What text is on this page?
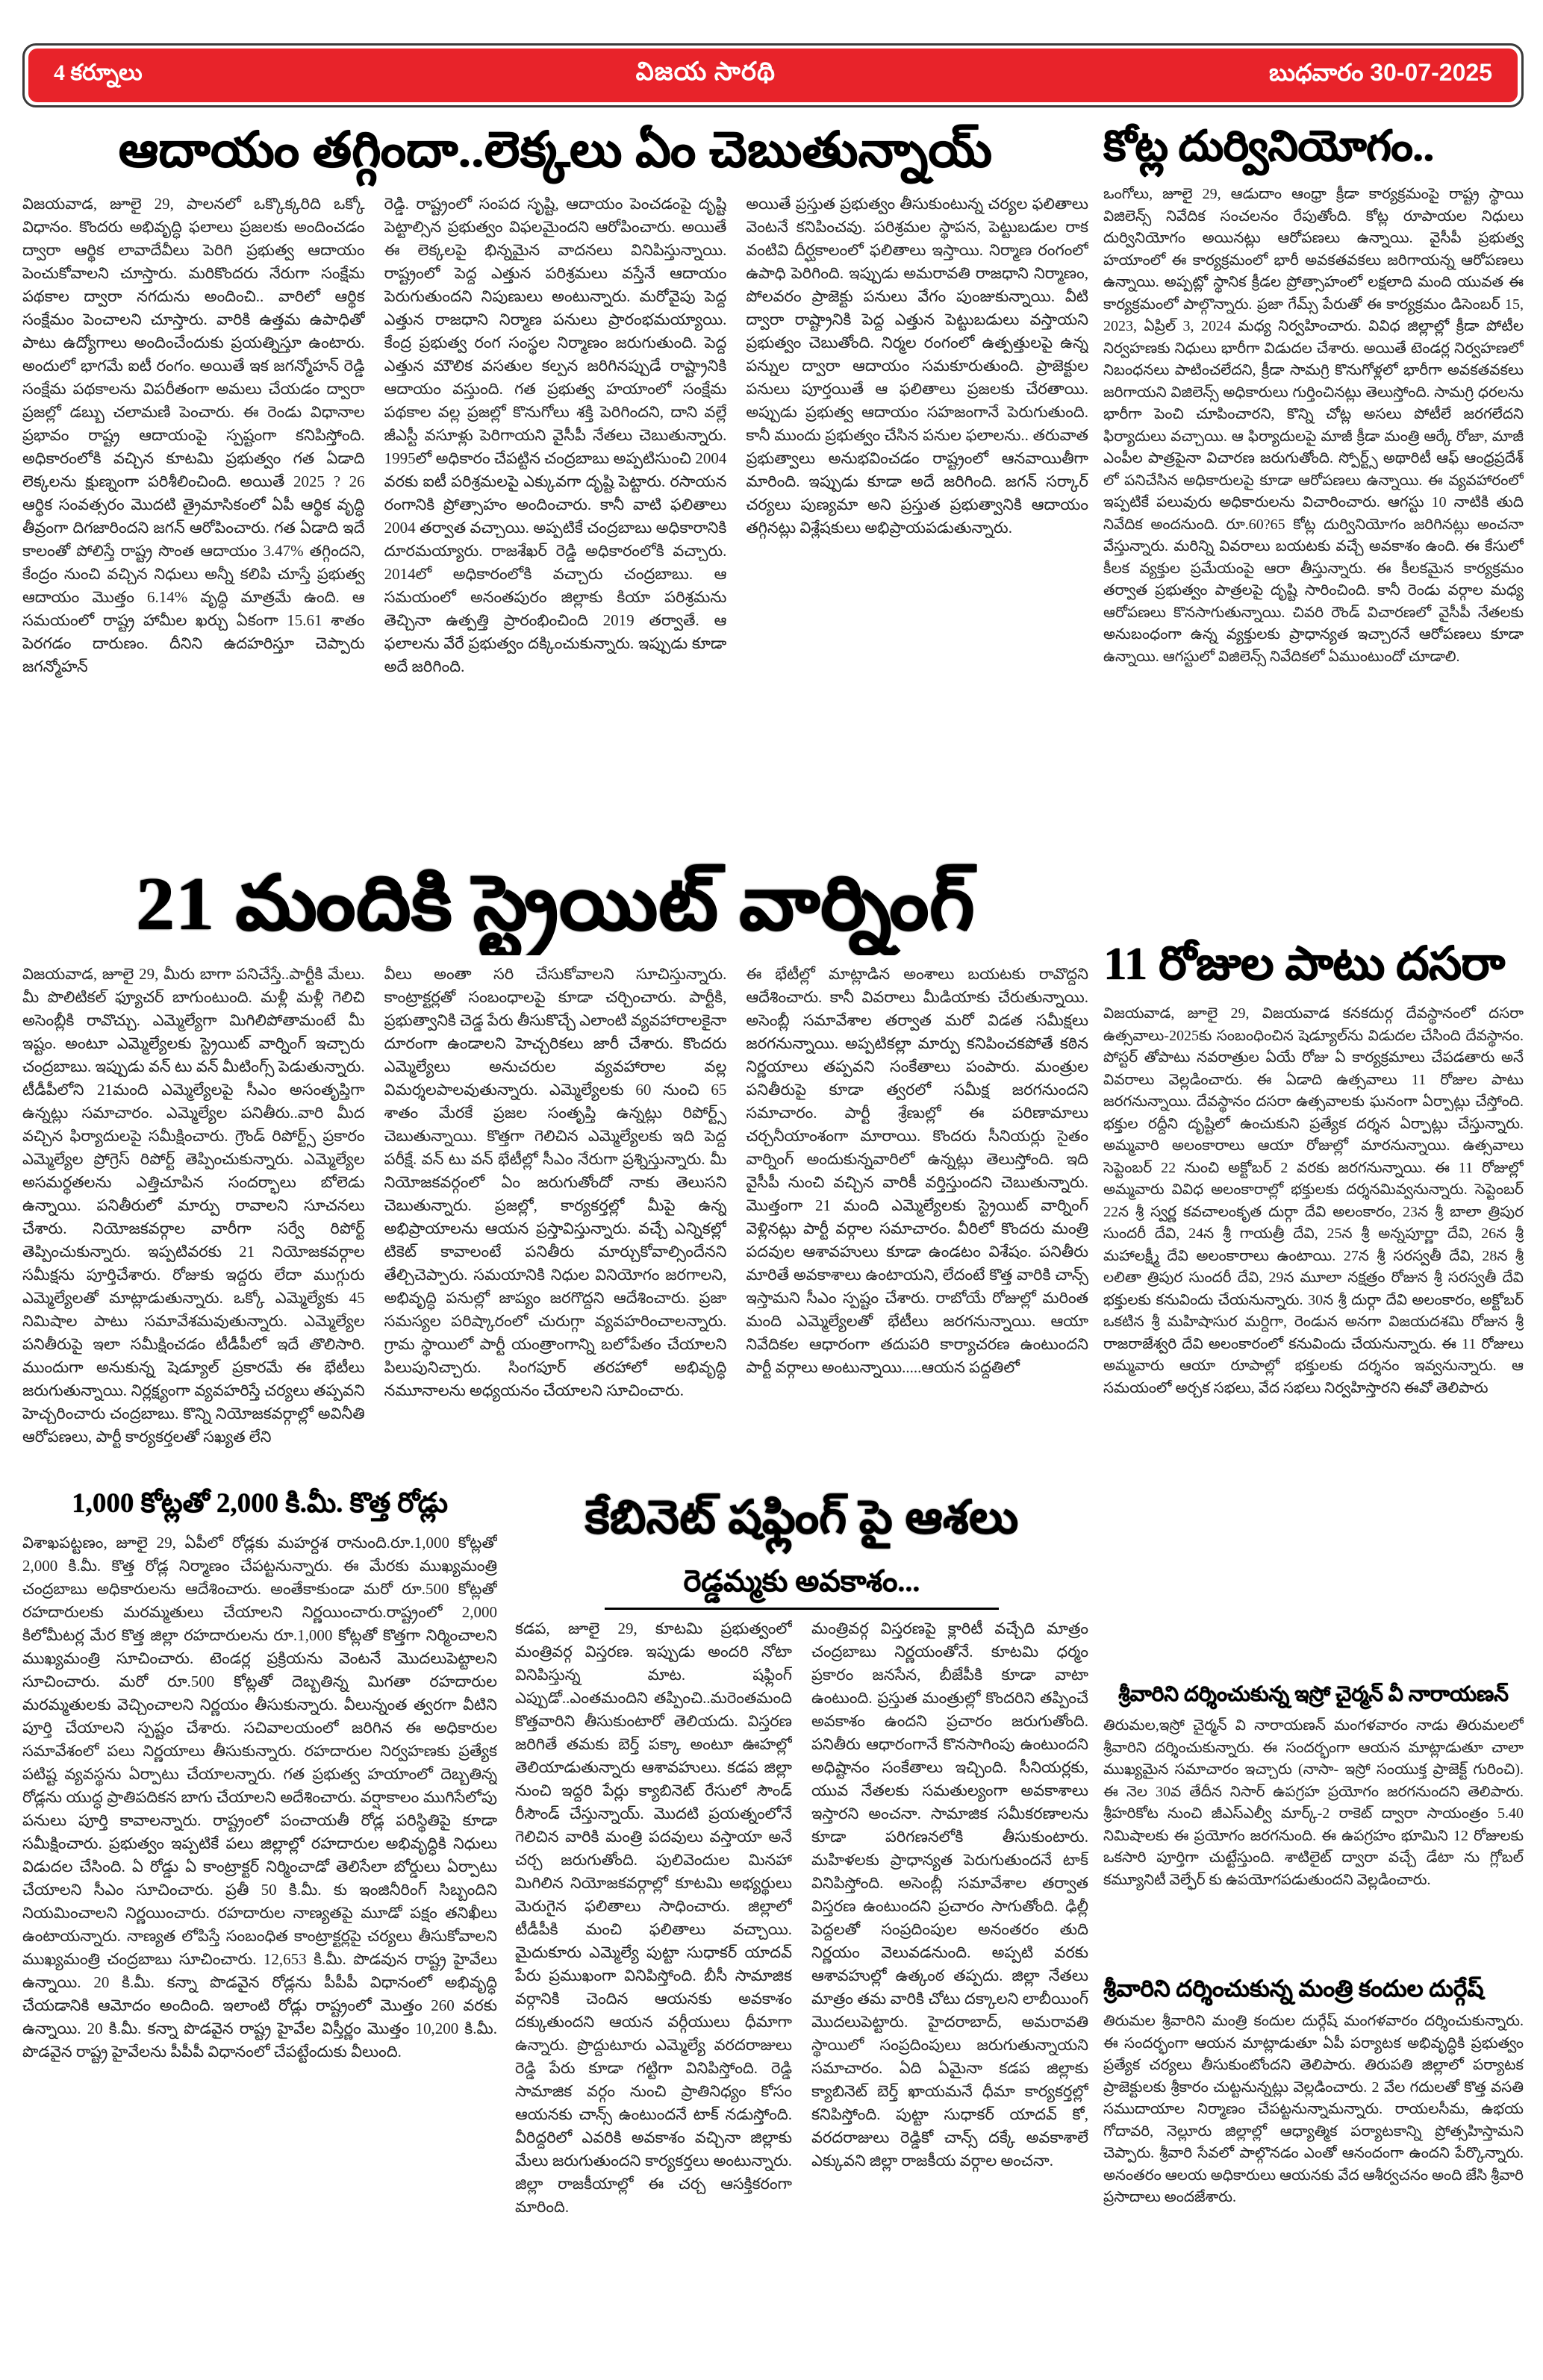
4 కర్నూలు	విజయ సారథి	బుధవారం 30-07-2025
ఆదాయం తగ్గిందా..లెక్కలు ఏం చెబుతున్నాయ్
విజయవాడ, జూలై 29, పాలనలో ఒక్కొక్కరిది ఒక్కో విధానం. కొందరు అభివృద్ధి ఫలాలు ప్రజలకు అందించడం ద్వారా ఆర్థిక లావాదేవీలు పెరిగి ప్రభుత్వ ఆదాయం పెంచుకోవాలని చూస్తారు. మరికొందరు నేరుగా సంక్షేమ పథకాల ద్వారా నగదును అందించి.. వారిలో ఆర్థిక సంక్షేమం పెంచాలని చూస్తారు. వారికి ఉత్తమ ఉపాధితో పాటు ఉద్యోగాలు అందించేందుకు ప్రయత్నిస్తూ ఉంటారు. అందులో భాగమే ఐటీ రంగం. అయితే ఇక జగన్మోహన్ రెడ్డి సంక్షేమ పథకాలను విపరీతంగా అమలు చేయడం ద్వారా ప్రజల్లో డబ్బు చలామణి పెంచారు. ఈ రెండు విధానాల ప్రభావం రాష్ట్ర ఆదాయంపై స్పష్టంగా కనిపిస్తోంది. అధికారంలోకి వచ్చిన కూటమి ప్రభుత్వం గత ఏడాది లెక్కలను క్షుణ్నంగా పరిశీలించింది. అయితే 2025 ? 26 ఆర్థిక సంవత్సరం మొదటి త్రైమాసికంలో ఏపీ ఆర్థిక వృద్ధి తీవ్రంగా దిగజారిందని జగన్ ఆరోపించారు. గత ఏడాది ఇదే కాలంతో పోలిస్తే రాష్ట్ర సొంత ఆదాయం 3.47% తగ్గిందని, కేంద్రం నుంచి వచ్చిన నిధులు అన్నీ కలిపి చూస్తే ప్రభుత్వ ఆదాయం మొత్తం 6.14% వృద్ధి మాత్రమే ఉంది. ఆ సమయంలో రాష్ట్ర హామీల ఖర్చు ఏకంగా 15.61 శాతం పెరగడం దారుణం. దీనిని ఉదహరిస్తూ చెప్పారు జగన్మోహన్
రెడ్డి. రాష్ట్రంలో సంపద సృష్టి, ఆదాయం పెంచడంపై దృష్టి పెట్టాల్సిన ప్రభుత్వం విఫలమైందని ఆరోపించారు. అయితే ఈ లెక్కలపై భిన్నమైన వాదనలు వినిపిస్తున్నాయి. రాష్ట్రంలో పెద్ద ఎత్తున పరిశ్రమలు వస్తేనే ఆదాయం పెరుగుతుందని నిపుణులు అంటున్నారు. మరోవైపు పెద్ద ఎత్తున రాజధాని నిర్మాణ పనులు ప్రారంభమయ్యాయి. కేంద్ర ప్రభుత్వ రంగ సంస్థల నిర్మాణం జరుగుతుంది. పెద్ద ఎత్తున మౌలిక వసతుల కల్పన జరిగినప్పుడే రాష్ట్రానికి ఆదాయం వస్తుంది. గత ప్రభుత్వ హయాంలో సంక్షేమ పథకాల వల్ల ప్రజల్లో కొనుగోలు శక్తి పెరిగిందని, దాని వల్లే జీఎస్టీ వసూళ్లు పెరిగాయని వైసీపీ నేతలు చెబుతున్నారు. 1995లో అధికారం చేపట్టిన చంద్రబాబు అప్పటిసుంచి 2004 వరకు ఐటీ పరిశ్రమలపై ఎక్కువగా దృష్టి పెట్టారు. రసాయన రంగానికి ప్రోత్సాహం అందించారు. కానీ వాటి ఫలితాలు 2004 తర్వాత వచ్చాయి. అప్పటికే చంద్రబాబు అధికారానికి దూరమయ్యారు. రాజశేఖర్ రెడ్డి అధికారంలోకి వచ్చారు. 2014లో అధికారంలోకి వచ్చారు చంద్రబాబు. ఆ సమయంలో అనంతపురం జిల్లాకు కియా పరిశ్రమను తెచ్చినా ఉత్పత్తి ప్రారంభించింది 2019 తర్వాతే. ఆ ఫలాలను వేరే ప్రభుత్వం దక్కించుకున్నారు. ఇప్పుడు కూడా అదే జరిగింది.
అయితే ప్రస్తుత ప్రభుత్వం తీసుకుంటున్న చర్యల ఫలితాలు వెంటనే కనిపించవు. పరిశ్రమల స్థాపన, పెట్టుబడుల రాక వంటివి దీర్ఘకాలంలో ఫలితాలు ఇస్తాయి. నిర్మాణ రంగంలో ఉపాధి పెరిగింది. ఇప్పుడు అమరావతి రాజధాని నిర్మాణం, పోలవరం ప్రాజెక్టు పనులు వేగం పుంజుకున్నాయి. వీటి ద్వారా రాష్ట్రానికి పెద్ద ఎత్తున పెట్టుబడులు వస్తాయని ప్రభుత్వం చెబుతోంది. నిర్మల రంగంలో ఉత్పత్తులపై ఉన్న పన్నుల ద్వారా ఆదాయం సమకూరుతుంది. ప్రాజెక్టుల పనులు పూర్తయితే ఆ ఫలితాలు ప్రజలకు చేరతాయి. అప్పుడు ప్రభుత్వ ఆదాయం సహజంగానే పెరుగుతుంది. కానీ ముందు ప్రభుత్వం చేసిన పనుల ఫలాలను.. తరువాత ప్రభుత్వాలు అనుభవించడం రాష్ట్రంలో ఆనవాయితీగా మారింది. ఇప్పుడు కూడా అదే జరిగింది. జగన్ సర్కార్ చర్యలు పుణ్యమా అని ప్రస్తుత ప్రభుత్వానికి ఆదాయం తగ్గినట్లు విశ్లేషకులు అభిప్రాయపడుతున్నారు.
21 మందికి స్ట్రెయిట్ వార్నింగ్
విజయవాడ, జూలై 29, మీరు బాగా పనిచేస్తే..పార్టీకి మేలు. మీ పొలిటికల్ ఫ్యూచర్ బాగుంటుంది. మళ్లీ మళ్లీ గెలిచి అసెంబ్లీకి రావొచ్చు. ఎమ్మెల్యేగా మిగిలిపోతామంటే మీ ఇష్టం. అంటూ ఎమ్మెల్యేలకు స్ట్రెయిట్ వార్నింగ్ ఇచ్చారు చంద్రబాబు. ఇప్పుడు వన్ టు వన్ మీటింగ్స్ పెడుతున్నారు. టీడీపీలోని 21మంది ఎమ్మెల్యేలపై సీఎం అసంతృప్తిగా ఉన్నట్లు సమాచారం. ఎమ్మెల్యేల పనితీరు..వారి మీద వచ్చిన ఫిర్యాదులపై సమీక్షించారు. గ్రౌండ్ రిపోర్ట్స్ ప్రకారం ఎమ్మెల్యేల ప్రోగ్రెస్ రిపోర్ట్ తెప్పించుకున్నారు. ఎమ్మెల్యేల అసమర్థతలను ఎత్తిచూపిన సందర్భాలు బోలెడు ఉన్నాయి. పనితీరులో మార్పు రావాలని సూచనలు చేశారు. నియోజకవర్గాల వారీగా సర్వే రిపోర్ట్ తెప్పించుకున్నారు. ఇప్పటివరకు 21 నియోజకవర్గాల సమీక్షను పూర్తిచేశారు. రోజుకు ఇద్దరు లేదా ముగ్గురు ఎమ్మెల్యేలతో మాట్లాడుతున్నారు. ఒక్కో ఎమ్మెల్యేకు 45 నిమిషాల పాటు సమావేశమవుతున్నారు. ఎమ్మెల్యేల పనితీరుపై ఇలా సమీక్షించడం టీడీపీలో ఇదే తొలిసారి. ముందుగా అనుకున్న షెడ్యూల్ ప్రకారమే ఈ భేటీలు జరుగుతున్నాయి. నిర్లక్ష్యంగా వ్యవహరిస్తే చర్యలు తప్పవని హెచ్చరించారు చంద్రబాబు. కొన్ని నియోజకవర్గాల్లో అవినీతి ఆరోపణలు, పార్టీ కార్యకర్తలతో సఖ్యత లేని
వీలు అంతా సరి చేసుకోవాలని సూచిస్తున్నారు. కాంట్రాక్టర్లతో సంబంధాలపై కూడా చర్చించారు. పార్టీకి, ప్రభుత్వానికి చెడ్డ పేరు తీసుకొచ్చే ఎలాంటి వ్యవహారాలకైనా దూరంగా ఉండాలని హెచ్చరికలు జారీ చేశారు. కొందరు ఎమ్మెల్యేలు అనుచరుల వ్యవహారాల వల్ల విమర్శలపాలవుతున్నారు. ఎమ్మెల్యేలకు 60 నుంచి 65 శాతం మేరకే ప్రజల సంతృప్తి ఉన్నట్లు రిపోర్ట్స్ చెబుతున్నాయి. కొత్తగా గెలిచిన ఎమ్మెల్యేలకు ఇది పెద్ద పరీక్షే. వన్ టు వన్ భేటీల్లో సీఎం నేరుగా ప్రశ్నిస్తున్నారు. మీ నియోజకవర్గంలో ఏం జరుగుతోందో నాకు తెలుసని చెబుతున్నారు. ప్రజల్లో, కార్యకర్తల్లో మీపై ఉన్న అభిప్రాయాలను ఆయన ప్రస్తావిస్తున్నారు. వచ్చే ఎన్నికల్లో టికెట్ కావాలంటే పనితీరు మార్చుకోవాల్సిందేనని తేల్చిచెప్పారు. సమయానికి నిధుల వినియోగం జరగాలని, అభివృద్ధి పనుల్లో జాప్యం జరగొద్దని ఆదేశించారు. ప్రజా సమస్యల పరిష్కారంలో చురుగ్గా వ్యవహరించాలన్నారు. గ్రామ స్థాయిలో పార్టీ యంత్రాంగాన్ని బలోపేతం చేయాలని పిలుపునిచ్చారు. సింగపూర్ తరహాలో అభివృద్ధి నమూనాలను అధ్యయనం చేయాలని సూచించారు.
ఈ భేటీల్లో మాట్లాడిన అంశాలు బయటకు రావొద్దని ఆదేశించారు. కానీ వివరాలు మీడియాకు చేరుతున్నాయి. అసెంబ్లీ సమావేశాల తర్వాత మరో విడత సమీక్షలు జరగనున్నాయి. అప్పటికల్లా మార్పు కనిపించకపోతే కఠిన నిర్ణయాలు తప్పవని సంకేతాలు పంపారు. మంత్రుల పనితీరుపై కూడా త్వరలో సమీక్ష జరగనుందని సమాచారం. పార్టీ శ్రేణుల్లో ఈ పరిణామాలు చర్చనీయాంశంగా మారాయి. కొందరు సీనియర్లు సైతం వార్నింగ్ అందుకున్నవారిలో ఉన్నట్లు తెలుస్తోంది. ఇది వైసీపీ నుంచి వచ్చిన వారికీ వర్తిస్తుందని చెబుతున్నారు. మొత్తంగా 21 మంది ఎమ్మెల్యేలకు స్ట్రెయిట్ వార్నింగ్ వెళ్లినట్లు పార్టీ వర్గాల సమాచారం. వీరిలో కొందరు మంత్రి పదవుల ఆశావహులు కూడా ఉండటం విశేషం. పనితీరు మారితే అవకాశాలు ఉంటాయని, లేదంటే కొత్త వారికి చాన్స్ ఇస్తామని సీఎం స్పష్టం చేశారు. రాబోయే రోజుల్లో మరింత మంది ఎమ్మెల్యేలతో భేటీలు జరగనున్నాయి. ఆయా నివేదికల ఆధారంగా తదుపరి కార్యాచరణ ఉంటుందని పార్టీ వర్గాలు అంటున్నాయి.....ఆయన పద్దతిలో
1,000 కోట్లతో 2,000 కి.మీ. కొత్త రోడ్లు
విశాఖపట్టణం, జూలై 29, ఏపీలో రోడ్లకు మహర్దశ రానుంది.రూ.1,000 కోట్లతో 2,000 కి.మీ. కొత్త రోడ్ల నిర్మాణం చేపట్టనున్నారు. ఈ మేరకు ముఖ్యమంత్రి చంద్రబాబు అధికారులను ఆదేశించారు. అంతేకాకుండా మరో రూ.500 కోట్లతో రహదారులకు మరమ్మతులు చేయాలని నిర్ణయించారు.రాష్ట్రంలో 2,000 కిలోమీటర్ల మేర కొత్త జిల్లా రహదారులను రూ.1,000 కోట్లతో కొత్తగా నిర్మించాలని ముఖ్యమంత్రి సూచించారు. టెండర్ల ప్రక్రియను వెంటనే మొదలుపెట్టాలని సూచించారు. మరో రూ.500 కోట్లతో దెబ్బతిన్న మిగతా రహదారుల మరమ్మతులకు వెచ్చించాలని నిర్ణయం తీసుకున్నారు. వీలున్నంత త్వరగా వీటిని పూర్తి చేయాలని స్పష్టం చేశారు. సచివాలయంలో జరిగిన ఈ అధికారుల సమావేశంలో పలు నిర్ణయాలు తీసుకున్నారు. రహదారుల నిర్వహణకు ప్రత్యేక పటిష్ట వ్యవస్థను ఏర్పాటు చేయాలన్నారు. గత ప్రభుత్వ హయాంలో దెబ్బతిన్న రోడ్లను యుద్ధ ప్రాతిపదికన బాగు చేయాలని అదేశించారు. వర్షాకాలం ముగిసేలోపు పనులు పూర్తి కావాలన్నారు. రాష్ట్రంలో పంచాయతీ రోడ్ల పరిస్థితిపై కూడా సమీక్షించారు. ప్రభుత్వం ఇప్పటికే పలు జిల్లాల్లో రహదారుల అభివృద్ధికి నిధులు విడుదల చేసింది. ఏ రోడ్డు ఏ కాంట్రాక్టర్ నిర్మించాడో తెలిసేలా బోర్డులు ఏర్పాటు చేయాలని సీఎం సూచించారు. ప్రతీ 50 కి.మీ. కు ఇంజినీరింగ్ సిబ్బందిని నియమించాలని నిర్ణయించారు. రహదారుల నాణ్యతపై మూడో పక్షం తనిఖీలు ఉంటాయన్నారు. నాణ్యత లోపిస్తే సంబంధిత కాంట్రాక్టర్లపై చర్యలు తీసుకోవాలని ముఖ్యమంత్రి చంద్రబాబు సూచించారు. 12,653 కి.మీ. పొడవున రాష్ట్ర హైవేలు ఉన్నాయి. 20 కి.మీ. కన్నా పొడవైన రోడ్లను పీపీపీ విధానంలో అభివృద్ధి చేయడానికి ఆమోదం అందింది. ఇలాంటి రోడ్లు రాష్ట్రంలో మొత్తం 260 వరకు ఉన్నాయి. 20 కి.మీ. కన్నా పొడవైన రాష్ట్ర హైవేల విస్తీర్ణం మొత్తం 10,200 కి.మీ. పొడవైన రాష్ట్ర హైవేలను పీపీపీ విధానంలో చేపట్టేందుకు వీలుంది.
కేబినెట్ షఫ్లింగ్ పై ఆశలు
రెడ్డమ్మకు అవకాశం...
కడప, జూలై 29, కూటమి ప్రభుత్వంలో మంత్రివర్గ విస్తరణ. ఇప్పుడు అందరి నోటా వినిపిస్తున్న మాట. షఫ్లింగ్ ఎప్పుడో..ఎంతమందిని తప్పించి..మరెంతమంది కొత్తవారిని తీసుకుంటారో తెలియదు. విస్తరణ జరిగితే తమకు బెర్త్ పక్కా అంటూ ఊహల్లో తెలియాడుతున్నారు ఆశావహులు. కడప జిల్లా నుంచి ఇద్దరి పేర్లు క్యాబినెట్ రేసులో సౌండ్ రీసౌండ్ చేస్తున్నాయ్. మొదటి ప్రయత్నంలోనే గెలిచిన వారికి మంత్రి పదవులు వస్తాయా అనే చర్చ జరుగుతోంది. పులివెందుల మినహా మిగిలిన నియోజకవర్గాల్లో కూటమి అభ్యర్థులు మెరుగైన ఫలితాలు సాధించారు. జిల్లాలో టీడీపీకి మంచి ఫలితాలు వచ్చాయి. మైదుకూరు ఎమ్మెల్యే పుట్టా సుధాకర్ యాదవ్ పేరు ప్రముఖంగా వినిపిస్తోంది. బీసీ సామాజిక వర్గానికి చెందిన ఆయనకు అవకాశం దక్కుతుందని ఆయన వర్గీయులు ధీమాగా ఉన్నారు. ప్రొద్దుటూరు ఎమ్మెల్యే వరదరాజులు రెడ్డి పేరు కూడా గట్టిగా వినిపిస్తోంది. రెడ్డి సామాజిక వర్గం నుంచి ప్రాతినిధ్యం కోసం ఆయనకు చాన్స్ ఉంటుందనే టాక్ నడుస్తోంది. వీరిద్దరిలో ఎవరికి అవకాశం వచ్చినా జిల్లాకు మేలు జరుగుతుందని కార్యకర్తలు అంటున్నారు. జిల్లా రాజకీయాల్లో ఈ చర్చ ఆసక్తికరంగా మారింది.
మంత్రివర్గ విస్తరణపై క్లారిటీ వచ్చేది మాత్రం చంద్రబాబు నిర్ణయంతోనే. కూటమి ధర్మం ప్రకారం జనసేన, బీజేపీకి కూడా వాటా ఉంటుంది. ప్రస్తుత మంత్రుల్లో కొందరిని తప్పించే అవకాశం ఉందని ప్రచారం జరుగుతోంది. పనితీరు ఆధారంగానే కొనసాగింపు ఉంటుందని అధిష్టానం సంకేతాలు ఇచ్చింది. సీనియర్లకు, యువ నేతలకు సమతుల్యంగా అవకాశాలు ఇస్తారని అంచనా. సామాజిక సమీకరణాలను కూడా పరిగణనలోకి తీసుకుంటారు. మహిళలకు ప్రాధాన్యత పెరుగుతుందనే టాక్ వినిపిస్తోంది. అసెంబ్లీ సమావేశాల తర్వాత విస్తరణ ఉంటుందని ప్రచారం సాగుతోంది. ఢిల్లీ పెద్దలతో సంప్రదింపుల అనంతరం తుది నిర్ణయం వెలువడనుంది. అప్పటి వరకు ఆశావహుల్లో ఉత్కంఠ తప్పదు. జిల్లా నేతలు మాత్రం తమ వారికి చోటు దక్కాలని లాబీయింగ్ మొదలుపెట్టారు. హైదరాబాద్, అమరావతి స్థాయిలో సంప్రదింపులు జరుగుతున్నాయని సమాచారం. ఏది ఏమైనా కడప జిల్లాకు క్యాబినెట్ బెర్త్ ఖాయమనే ధీమా కార్యకర్తల్లో కనిపిస్తోంది. పుట్టా సుధాకర్ యాదవ్ కో, వరదరాజులు రెడ్డికో చాన్స్ దక్కే అవకాశాలే ఎక్కువని జిల్లా రాజకీయ వర్గాల అంచనా.
కోట్ల దుర్వినియోగం..
ఒంగోలు, జూలై 29, ఆడుదాం ఆంధ్రా క్రీడా కార్యక్రమంపై రాష్ట్ర స్థాయి విజిలెన్స్ నివేదిక సంచలనం రేపుతోంది. కోట్ల రూపాయల నిధులు దుర్వినియోగం అయినట్లు ఆరోపణలు ఉన్నాయి. వైసీపీ ప్రభుత్వ హయాంలో ఈ కార్యక్రమంలో భారీ అవకతవకలు జరిగాయన్న ఆరోపణలు ఉన్నాయి. అప్పట్లో స్థానిక క్రీడల ప్రోత్సాహంలో లక్షలాది మంది యువత ఈ కార్యక్రమంలో పాల్గొన్నారు. ప్రజా గేమ్స్ పేరుతో ఈ కార్యక్రమం డిసెంబర్ 15, 2023, ఏప్రిల్ 3, 2024 మధ్య నిర్వహించారు. వివిధ జిల్లాల్లో క్రీడా పోటీల నిర్వహణకు నిధులు భారీగా విడుదల చేశారు. అయితే టెండర్ల నిర్వహణలో నిబంధనలు పాటించలేదని, క్రీడా సామగ్రి కొనుగోళ్లలో భారీగా అవకతవకలు జరిగాయని విజిలెన్స్ అధికారులు గుర్తించినట్లు తెలుస్తోంది. సామగ్రి ధరలను భారీగా పెంచి చూపించారని, కొన్ని చోట్ల అసలు పోటీలే జరగలేదని ఫిర్యాదులు వచ్చాయి. ఆ ఫిర్యాదులపై మాజీ క్రీడా మంత్రి ఆర్కే రోజా, మాజీ ఎంపీల పాత్రపైనా విచారణ జరుగుతోంది. స్పోర్ట్స్ అథారిటీ ఆఫ్ ఆంధ్రప్రదేశ్ లో పనిచేసిన అధికారులపై కూడా ఆరోపణలు ఉన్నాయి. ఈ వ్యవహారంలో ఇప్పటికే పలువురు అధికారులను విచారించారు. ఆగస్టు 10 నాటికి తుది నివేదిక అందనుంది. రూ.60?65 కోట్ల దుర్వినియోగం జరిగినట్లు అంచనా వేస్తున్నారు. మరిన్ని వివరాలు బయటకు వచ్చే అవకాశం ఉంది. ఈ కేసులో కీలక వ్యక్తుల ప్రమేయంపై ఆరా తీస్తున్నారు. ఈ కీలకమైన కార్యక్రమం తర్వాత ప్రభుత్వం పాత్రలపై దృష్టి సారించింది. కానీ రెండు వర్గాల మధ్య ఆరోపణలు కొనసాగుతున్నాయి. చివరి రౌండ్ విచారణలో వైసీపీ నేతలకు అనుబంధంగా ఉన్న వ్యక్తులకు ప్రాధాన్యత ఇచ్చారనే ఆరోపణలు కూడా ఉన్నాయి. ఆగస్టులో విజిలెన్స్ నివేదికలో ఏముంటుందో చూడాలి.
11 రోజుల పాటు దసరా
విజయవాడ, జూలై 29, విజయవాడ కనకదుర్గ దేవస్థానంలో దసరా ఉత్సవాలు-2025కు సంబంధించిన షెడ్యూల్‌ను విడుదల చేసింది దేవస్థానం. పోస్టర్ తోపాటు నవరాత్రుల ఏయే రోజు ఏ కార్యక్రమాలు చేపడతారు అనే వివరాలు వెల్లడించారు. ఈ ఏడాది ఉత్సవాలు 11 రోజుల పాటు జరగనున్నాయి. దేవస్థానం దసరా ఉత్సవాలకు ఘనంగా ఏర్పాట్లు చేస్తోంది. భక్తుల రద్దీని దృష్టిలో ఉంచుకుని ప్రత్యేక దర్శన ఏర్పాట్లు చేస్తున్నారు. అమ్మవారి అలంకారాలు ఆయా రోజుల్లో మారనున్నాయి. ఉత్సవాలు సెప్టెంబర్ 22 నుంచి అక్టోబర్ 2 వరకు జరగనున్నాయి. ఈ 11 రోజుల్లో అమ్మవారు వివిధ అలంకారాల్లో భక్తులకు దర్శనమివ్వనున్నారు. సెప్టెంబర్ 22న శ్రీ స్వర్ణ కవచాలంకృత దుర్గా దేవి అలంకారం, 23న శ్రీ బాలా త్రిపుర సుందరీ దేవి, 24న శ్రీ గాయత్రీ దేవి, 25న శ్రీ అన్నపూర్ణా దేవి, 26న శ్రీ మహాలక్ష్మీ దేవి అలంకారాలు ఉంటాయి. 27న శ్రీ సరస్వతీ దేవి, 28న శ్రీ లలితా త్రిపుర సుందరీ దేవి, 29న మూలా నక్షత్రం రోజున శ్రీ సరస్వతీ దేవి భక్తులకు కనువిందు చేయనున్నారు. 30న శ్రీ దుర్గా దేవి అలంకారం, అక్టోబర్ ఒకటిన శ్రీ మహిషాసుర మర్దిగా, రెండున అనగా విజయదశమి రోజున శ్రీ రాజరాజేశ్వరి దేవి అలంకారంలో కనువిందు చేయనున్నారు. ఈ 11 రోజులు అమ్మవారు ఆయా రూపాల్లో భక్తులకు దర్శనం ఇవ్వనున్నారు. ఆ సమయంలో అర్చక సభలు, వేద సభలు నిర్వహిస్తారని ఈవో తెలిపారు
శ్రీవారిని దర్శించుకున్న ఇస్రో చైర్మన్ వీ నారాయణన్
తిరుమల,ఇస్రో చైర్మన్ వి నారాయణన్ మంగళవారం నాడు తిరుమలలో శ్రీవారిని దర్శించుకున్నారు. ఈ సందర్భంగా ఆయన మాట్లాడుతూ చాలా ముఖ్యమైన సమాచారం ఇచ్చారు (నాసా- ఇస్రో సంయుక్త ప్రాజెక్ట్ గురించి). ఈ నెల 30వ తేదీన నిసార్ ఉపగ్రహ ప్రయోగం జరగనుందని తెలిపారు. శ్రీహరికోట నుంచి జీఎస్ఎల్వీ మార్క్-2 రాకెట్ ద్వారా సాయంత్రం 5.40 నిమిషాలకు ఈ ప్రయోగం జరగనుంది. ఈ ఉపగ్రహం భూమిని 12 రోజులకు ఒకసారి పూర్తిగా చుట్టేస్తుంది. శాటిలైట్ ద్వారా వచ్చే డేటా ను గ్లోబల్ కమ్యూనిటీ వెల్ఫేర్ కు ఉపయోగపడుతుందని వెల్లడించారు.
శ్రీవారిని దర్శించుకున్న మంత్రి కందుల దుర్గేష్
తిరుమల శ్రీవారిని మంత్రి కందుల దుర్గేష్ మంగళవారం దర్శించుకున్నారు. ఈ సందర్భంగా ఆయన మాట్లాడుతూ ఏపీ పర్యాటక అభివృద్ధికి ప్రభుత్వం ప్రత్యేక చర్యలు తీసుకుంటోందని తెలిపారు. తిరుపతి జిల్లాలో పర్యాటక ప్రాజెక్టులకు శ్రీకారం చుట్టనున్నట్లు వెల్లడించారు. 2 వేల గదులతో కొత్త వసతి సముదాయాల నిర్మాణం చేపట్టనున్నామన్నారు. రాయలసీమ, ఉభయ గోదావరి, నెల్లూరు జిల్లాల్లో ఆధ్యాత్మిక పర్యాటకాన్ని ప్రోత్సహిస్తామని చెప్పారు. శ్రీవారి సేవలో పాల్గొనడం ఎంతో ఆనందంగా ఉందని పేర్కొన్నారు. అనంతరం ఆలయ అధికారులు ఆయనకు వేద ఆశీర్వచనం అంది జేసి శ్రీవారి ప్రసాదాలు అందజేశారు.
